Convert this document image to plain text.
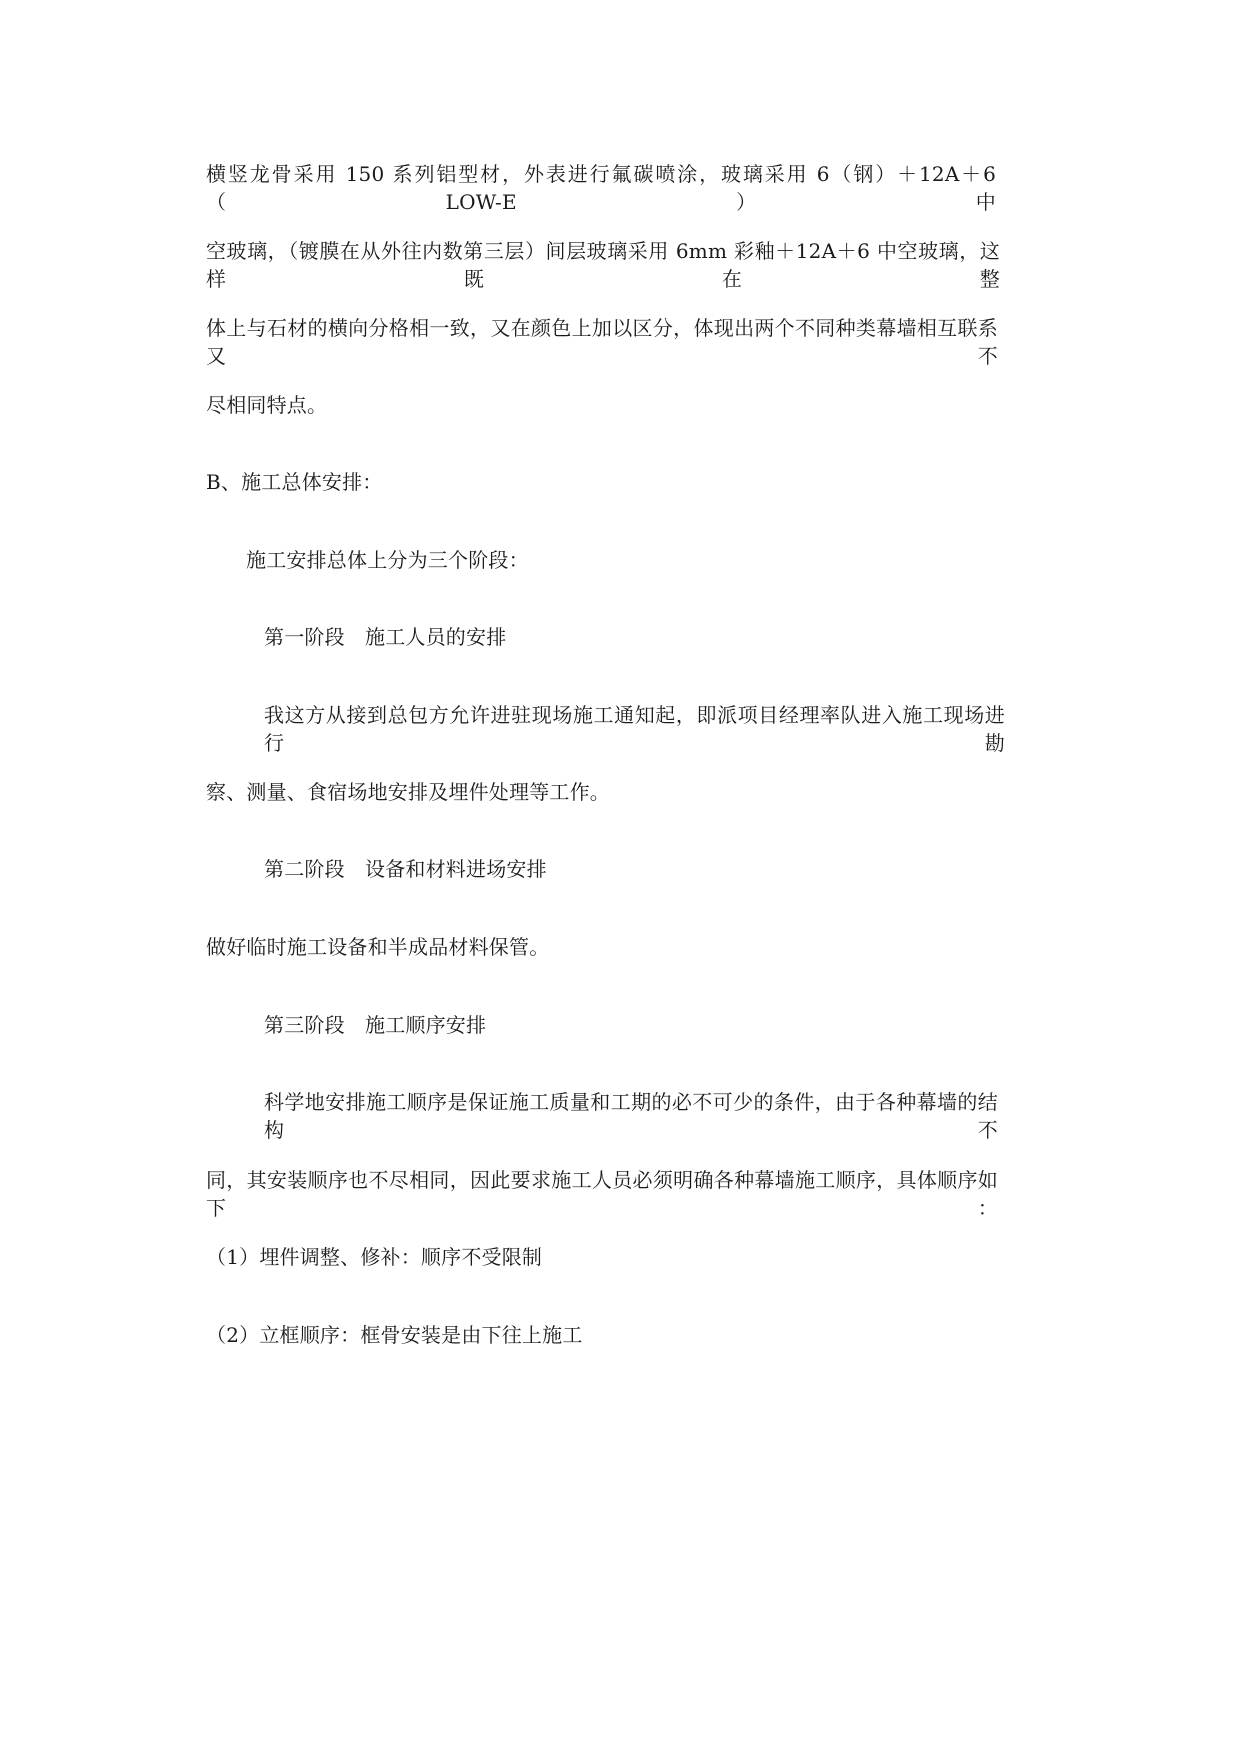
横竖龙骨采用 150 系列铝型材，外表进行氟碳喷涂，玻璃采用 6（钢）＋12A＋6（LOW-E）中
空玻璃，（镀膜在从外往内数第三层）间层玻璃采用 6mm 彩釉＋12A＋6 中空玻璃，这样既在整
体上与石材的横向分格相一致，又在颜色上加以区分，体现出两个不同种类幕墙相互联系又不
尽相同特点。
B、施工总体安排：
施工安排总体上分为三个阶段：
第一阶段　施工人员的安排
我这方从接到总包方允许进驻现场施工通知起，即派项目经理率队进入施工现场进行勘
察、测量、食宿场地安排及埋件处理等工作。
第二阶段　设备和材料进场安排
做好临时施工设备和半成品材料保管。
第三阶段　施工顺序安排
科学地安排施工顺序是保证施工质量和工期的必不可少的条件，由于各种幕墙的结构不
同，其安装顺序也不尽相同，因此要求施工人员必须明确各种幕墙施工顺序，具体顺序如下：
（1）埋件调整、修补：顺序不受限制
（2）立框顺序：框骨安装是由下往上施工
